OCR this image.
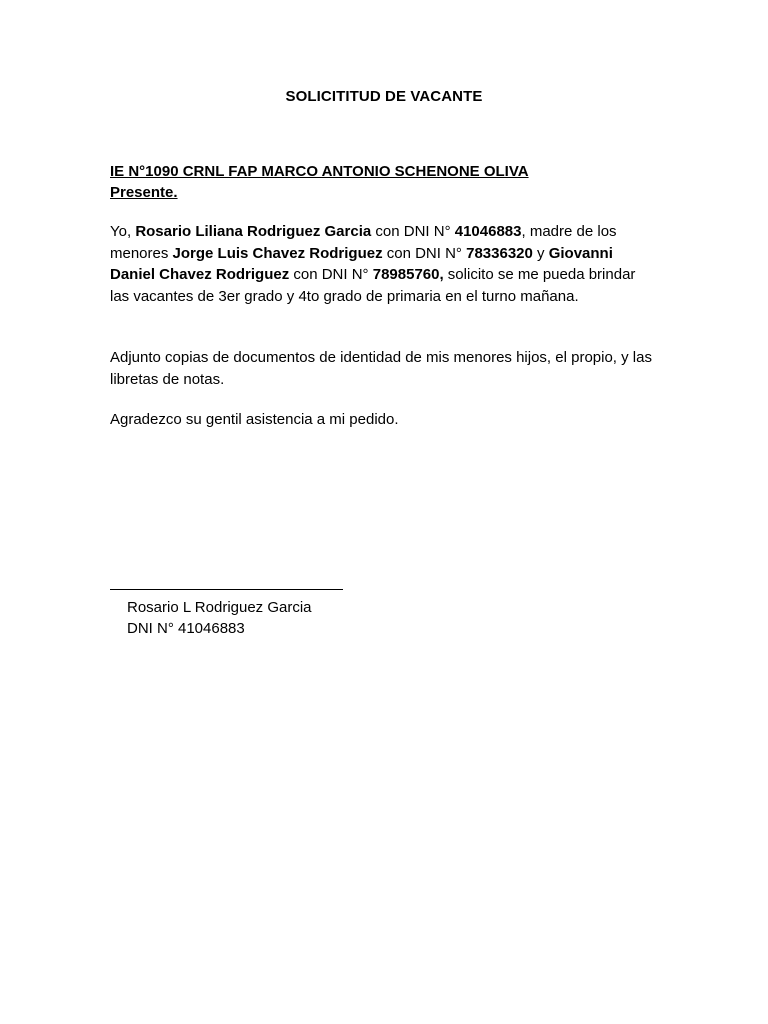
SOLICITITUD DE VACANTE
IE N°1090 CRNL FAP MARCO ANTONIO SCHENONE OLIVA
Presente.
Yo, Rosario Liliana Rodriguez Garcia con DNI N° 41046883, madre de los menores Jorge Luis Chavez Rodriguez con DNI N° 78336320 y Giovanni Daniel Chavez Rodriguez con DNI N° 78985760, solicito se me pueda brindar las vacantes de 3er grado y 4to grado de primaria en el turno mañana.
Adjunto copias de documentos de identidad de mis menores hijos, el propio, y las libretas de notas.
Agradezco su gentil asistencia a mi pedido.
Rosario L Rodriguez Garcia
DNI N° 41046883
